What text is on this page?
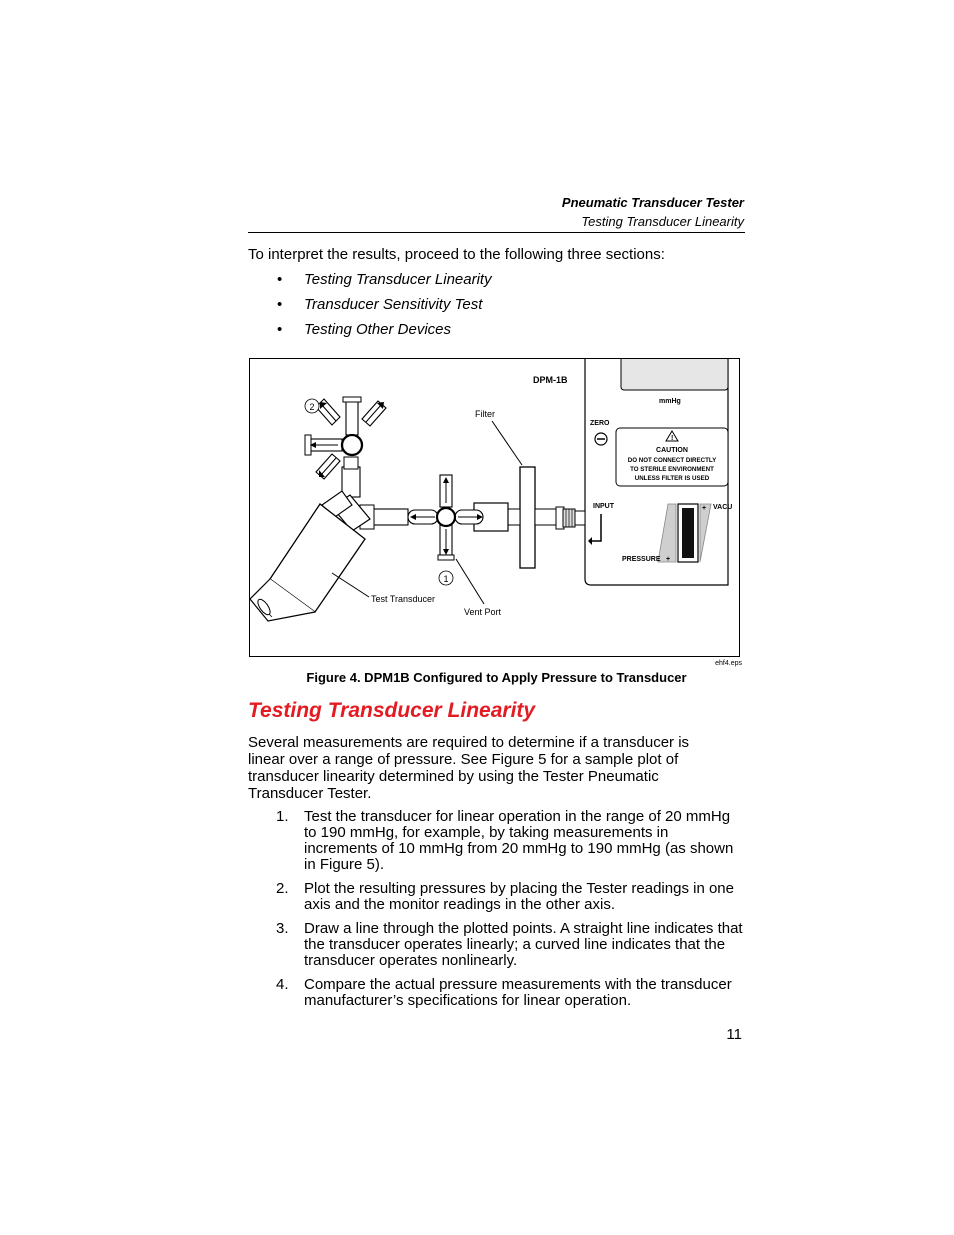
Pneumatic Transducer Tester
Testing Transducer Linearity
To interpret the results, proceed to the following three sections:
• Testing Transducer Linearity
• Transducer Sensitivity Test
• Testing Other Devices
DPM-1B
mmHg
ZERO
!
CAUTION
DO NOT CONNECT DIRECTLY
TO STERILE ENVIRONMENT
UNLESS FILTER IS USED
INPUT	+ VACU
PRESSURE +
Filter
1
Vent Port
Test Transducer
2
ehf4.eps
Figure 4. DPM1B Configured to Apply Pressure to Transducer
Testing Transducer Linearity
Several measurements are required to determine if a transducer is linear over a range of pressure. See Figure 5 for a sample plot of transducer linearity determined by using the Tester Pneumatic Transducer Tester.
1. Test the transducer for linear operation in the range of 20 mmHg to 190 mmHg, for example, by taking measurements in increments of 10 mmHg from 20 mmHg to 190 mmHg (as shown in Figure 5).
2. Plot the resulting pressures by placing the Tester readings in one axis and the monitor readings in the other axis.
3. Draw a line through the plotted points. A straight line indicates that the transducer operates linearly; a curved line indicates that the transducer operates nonlinearly.
4. Compare the actual pressure measurements with the transducer manufacturer’s specifications for linear operation.
11
